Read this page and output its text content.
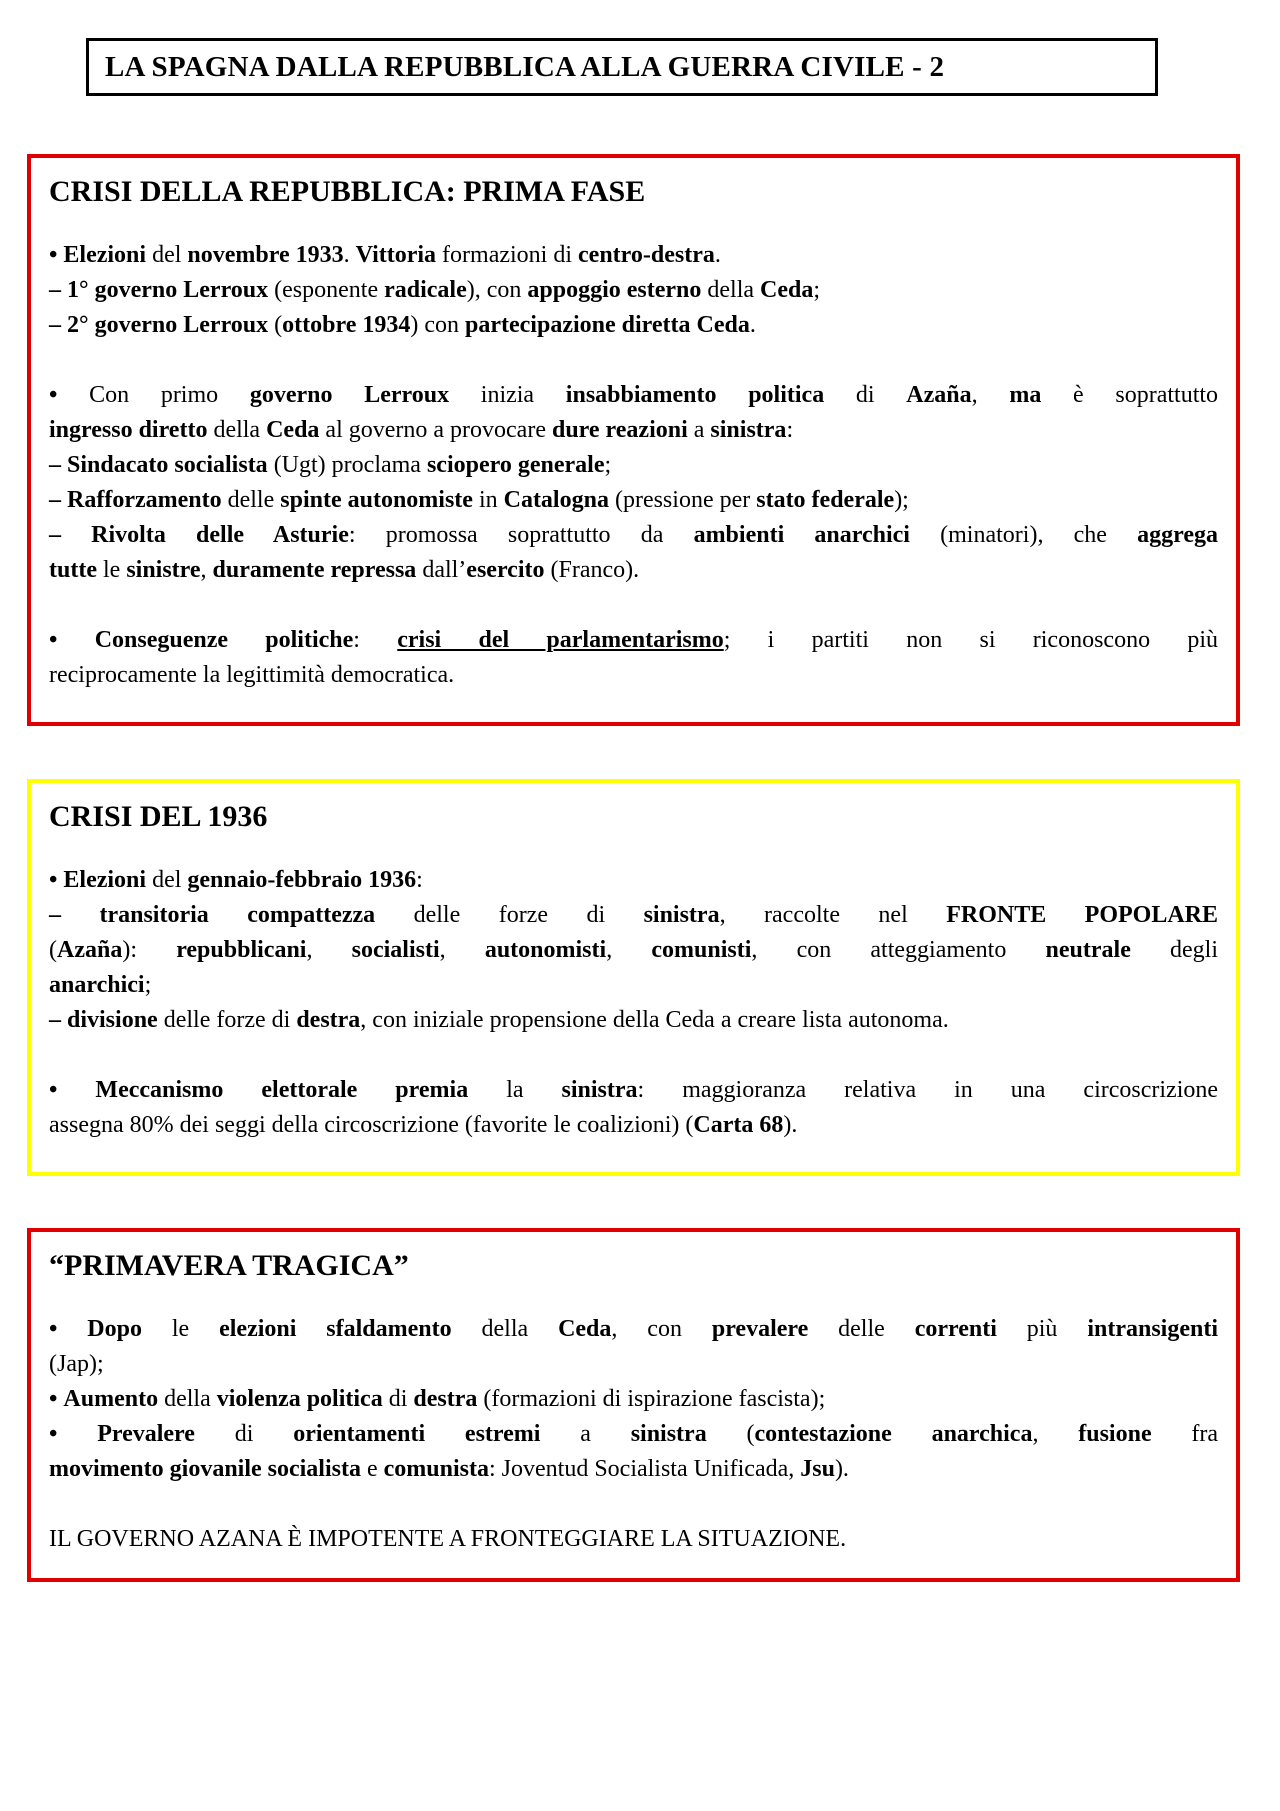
LA SPAGNA DALLA REPUBBLICA ALLA GUERRA CIVILE - 2
CRISI DELLA REPUBBLICA: PRIMA FASE
• Elezioni del novembre 1933. Vittoria formazioni di centro-destra.
– 1° governo Lerroux (esponente radicale), con appoggio esterno della Ceda;
– 2° governo Lerroux (ottobre 1934) con partecipazione diretta Ceda.
• Con primo governo Lerroux inizia insabbiamento politica di Azaña, ma è soprattutto
ingresso diretto della Ceda al governo a provocare dure reazioni a sinistra:
– Sindacato socialista (Ugt) proclama sciopero generale;
– Rafforzamento delle spinte autonomiste in Catalogna (pressione per stato federale);
– Rivolta delle Asturie: promossa soprattutto da ambienti anarchici (minatori), che aggrega
tutte le sinistre, duramente repressa dall’esercito (Franco).
• Conseguenze politiche: crisi del parlamentarismo; i partiti non si riconoscono più
reciprocamente la legittimità democratica.
CRISI DEL 1936
• Elezioni del gennaio-febbraio 1936:
– transitoria compattezza delle forze di sinistra, raccolte nel FRONTE POPOLARE
(Azaña): repubblicani, socialisti, autonomisti, comunisti, con atteggiamento neutrale degli
anarchici;
– divisione delle forze di destra, con iniziale propensione della Ceda a creare lista autonoma.
• Meccanismo elettorale premia la sinistra: maggioranza relativa in una circoscrizione
assegna 80% dei seggi della circoscrizione (favorite le coalizioni) (Carta 68).
“PRIMAVERA TRAGICA”
• Dopo le elezioni sfaldamento della Ceda, con prevalere delle correnti più intransigenti
(Jap);
• Aumento della violenza politica di destra (formazioni di ispirazione fascista);
• Prevalere di orientamenti estremi a sinistra (contestazione anarchica, fusione fra
movimento giovanile socialista e comunista: Joventud Socialista Unificada, Jsu).
IL GOVERNO AZANA È IMPOTENTE A FRONTEGGIARE LA SITUAZIONE.
